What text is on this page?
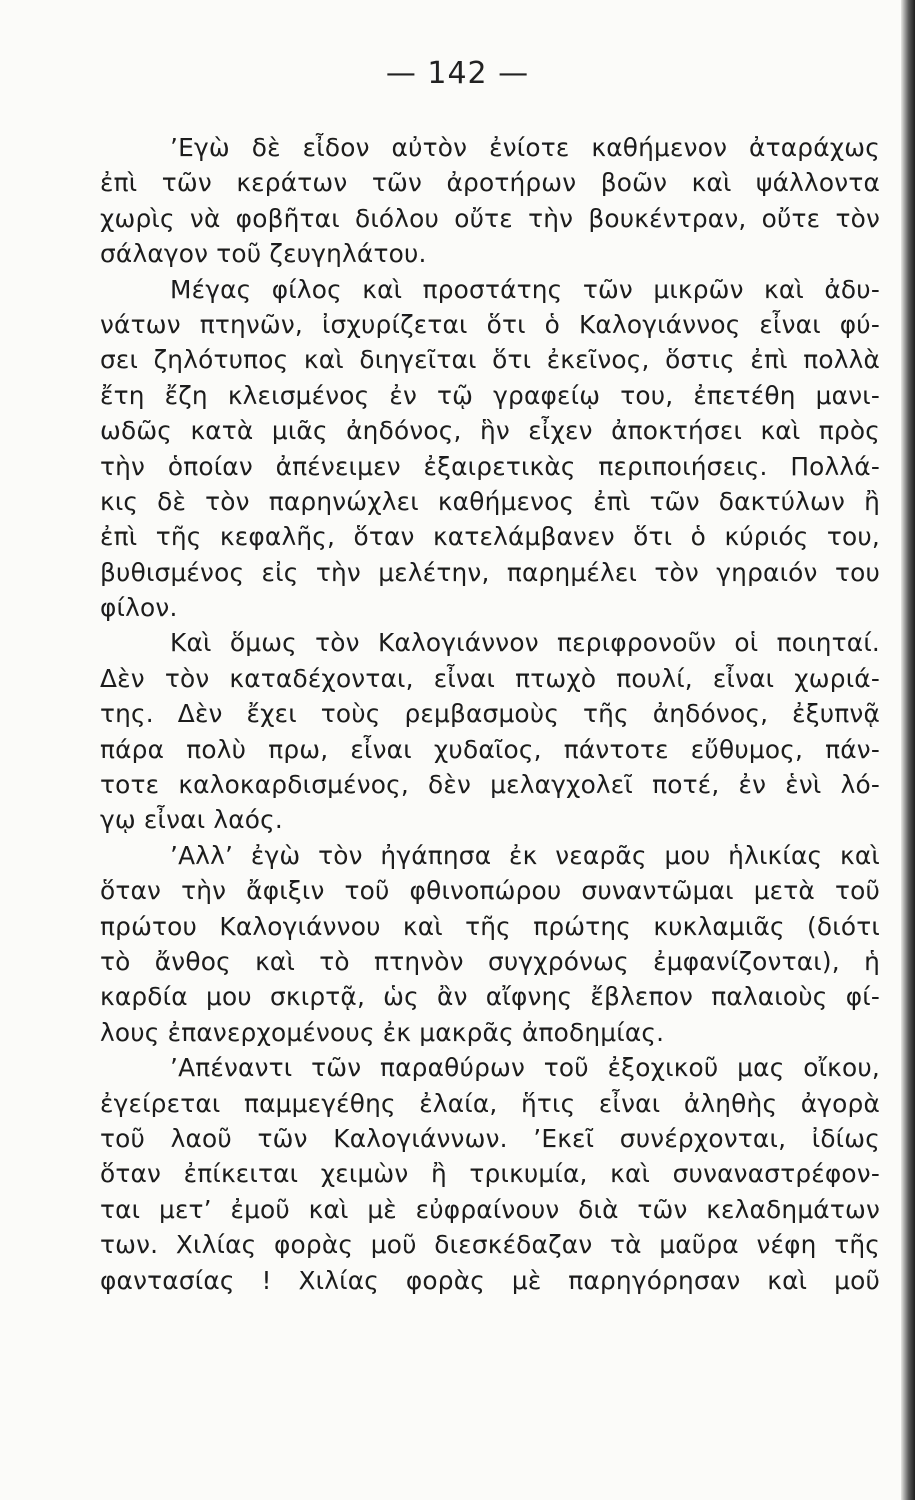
— 142 —
’Εγὼ δὲ εἶδον αὐτὸν ἐνίοτε καθήμενον ἀταράχως
ἐπὶ τῶν κεράτων τῶν ἀροτήρων βοῶν καὶ ψάλλοντα
χωρὶς νὰ φοβῆται διόλου οὔτε τὴν βουκέντραν, οὔτε τὸν
σάλαγον τοῦ ζευγηλάτου.
Μέγας φίλος καὶ προστάτης τῶν μικρῶν καὶ ἀδυ-
νάτων πτηνῶν, ἰσχυρίζεται ὅτι ὁ Καλογιάννος εἶναι φύ-
σει ζηλότυπος καὶ διηγεῖται ὅτι ἐκεῖνος, ὅστις ἐπὶ πολλὰ
ἔτη ἔζη κλεισμένος ἐν τῷ γραφείῳ του, ἐπετέθη μανι-
ωδῶς κατὰ μιᾶς ἀηδόνος, ἣν εἶχεν ἀποκτήσει καὶ πρὸς
τὴν ὁποίαν ἀπένειμεν ἐξαιρετικὰς περιποιήσεις. Πολλά-
κις δὲ τὸν παρηνώχλει καθήμενος ἐπὶ τῶν δακτύλων ἢ
ἐπὶ τῆς κεφαλῆς, ὅταν κατελάμβανεν ὅτι ὁ κύριός του,
βυθισμένος εἰς τὴν μελέτην, παρημέλει τὸν γηραιόν του
φίλον.
Καὶ ὅμως τὸν Καλογιάννον περιφρονοῦν οἱ ποιηταί.
Δὲν τὸν καταδέχονται, εἶναι πτωχὸ πουλί, εἶναι χωριά-
της. Δὲν ἔχει τοὺς ρεμβασμοὺς τῆς ἀηδόνος, ἐξυπνᾷ
πάρα πολὺ πρω, εἶναι χυδαῖος, πάντοτε εὔθυμος, πάν-
τοτε καλοκαρδισμένος, δὲν μελαγχολεῖ ποτέ, ἐν ἑνὶ λό-
γῳ εἶναι λαός.
’Αλλ’ ἐγὼ τὸν ἠγάπησα ἐκ νεαρᾶς μου ἡλικίας καὶ
ὅταν τὴν ἄφιξιν τοῦ φθινοπώρου συναντῶμαι μετὰ τοῦ
πρώτου Καλογιάννου καὶ τῆς πρώτης κυκλαμιᾶς (διότι
τὸ ἄνθος καὶ τὸ πτηνὸν συγχρόνως ἐμφανίζονται), ἡ
καρδία μου σκιρτᾷ, ὡς ἂν αἴφνης ἔβλεπον παλαιοὺς φί-
λους ἐπανερχομένους ἐκ μακρᾶς ἀποδημίας.
’Απέναντι τῶν παραθύρων τοῦ ἐξοχικοῦ μας οἴκου,
ἐγείρεται παμμεγέθης ἐλαία, ἥτις εἶναι ἀληθὴς ἀγορὰ
τοῦ λαοῦ τῶν Καλογιάννων. ’Εκεῖ συνέρχονται, ἰδίως
ὅταν ἐπίκειται χειμὼν ἢ τρικυμία, καὶ συναναστρέφον-
ται μετ’ ἐμοῦ καὶ μὲ εὐφραίνουν διὰ τῶν κελαδημάτων
των. Χιλίας φορὰς μοῦ διεσκέδαζαν τὰ μαῦρα νέφη τῆς
φαντασίας ! Χιλίας φορὰς μὲ παρηγόρησαν καὶ μοῦ
